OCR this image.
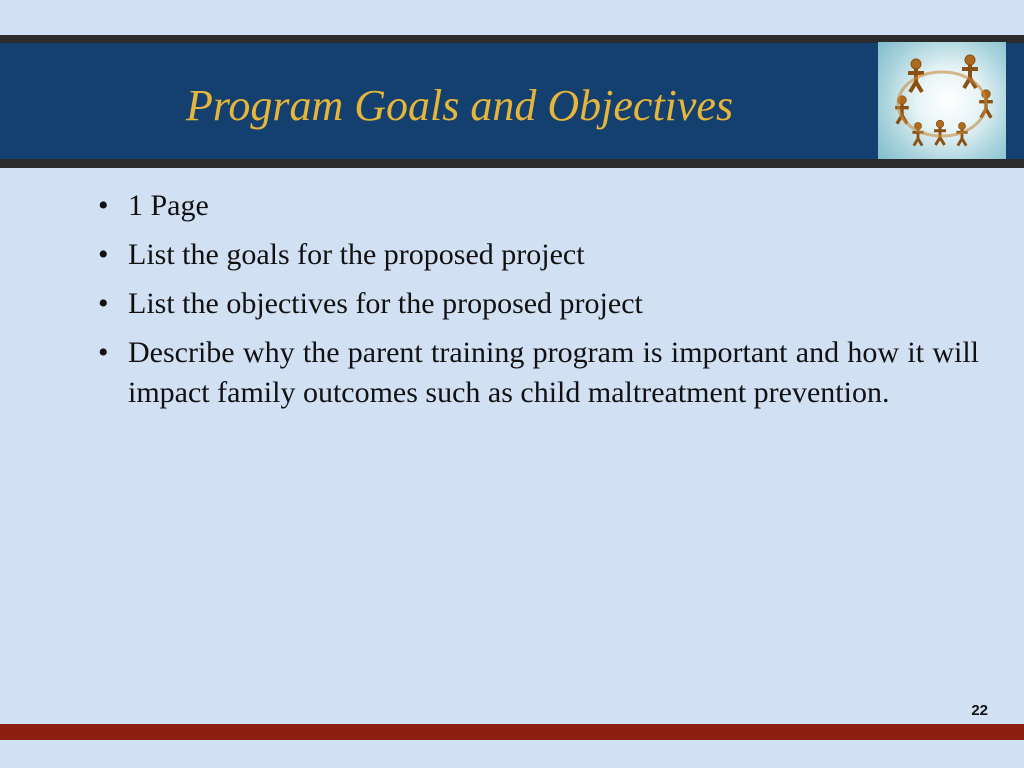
Program Goals and Objectives
• 1 Page
• List the goals for the proposed project
• List the objectives for the proposed project
• Describe why the parent training program is important and how it will impact family outcomes such as child maltreatment prevention.
22
